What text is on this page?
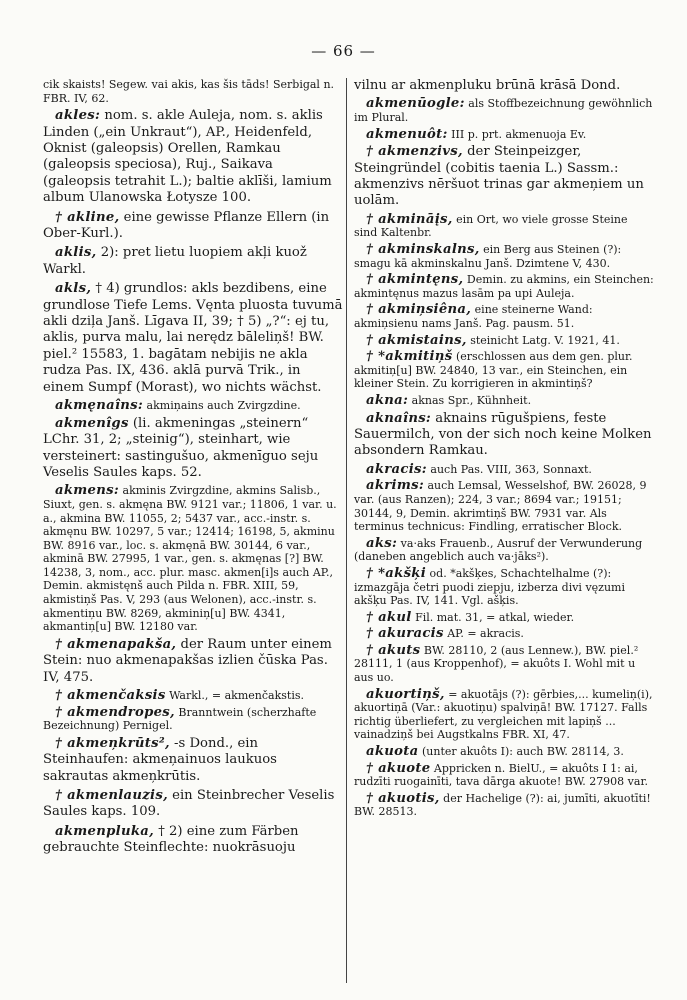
— 66 —
cik skaists! Segew. vai akis, kas šis tāds! Serbigal n. FBR. IV, 62.
akles: nom. s. akle Auleja, nom. s. aklis Linden („ein Unkraut“), AP., Heidenfeld, Oknist (galeopsis) Orellen, Ramkau (galeopsis speciosa), Ruj., Saikava (galeopsis tetrahit L.); baltie aklīši, lamium album Ulanowska Łotysze 100.
† akline, eine gewisse Pflanze Ellern (in Ober-Kurl.).
aklis, 2): pret lietu luopiem akļi kuož Warkl.
akls, † 4) grundlos: akls bezdibens, eine grundlose Tiefe Lems. Vęnta pluosta tuvumā akli dziļa Janš. Līgava II, 39; † 5) „?“: ej tu, aklis, purva malu, lai nerędz bāleliņš! BW. piel.² 15583, 1. bagātam nebijis ne akla rudza Pas. IX, 436. aklā purvā Trik., in einem Sumpf (Morast), wo nichts wächst.
akmęnaîns: akmiņains auch Zvirgzdine.
akmenîgs (li. akmeningas „steinern“ LChr. 31, 2; „steinig“), steinhart, wie versteinert: sastingušuo, akmenīguo seju Veselis Saules kaps. 52.
akmens: akminis Zvirgzdine, akmins Salisb., Siuxt, gen. s. akmęna BW. 9121 var.; 11806, 1 var. u. a., akmina BW. 11055, 2; 5437 var., acc.-instr. s. akmęnu BW. 10297, 5 var.; 12414; 16198, 5, akminu BW. 8916 var., loc. s. akmęnā BW. 30144, 6 var., akminā BW. 27995, 1 var., gen. s. akmęnas [?] BW. 14238, 3, nom., acc. plur. masc. akmen[i]s auch AP., Demin. akmistęnš auch Pilda n. FBR. XIII, 59, akmistiņš Pas. V, 293 (aus Welonen), acc.-instr. s. akmentiņu BW. 8269, akminiņ[u] BW. 4341, akmantiņ[u] BW. 12180 var.
† akmenapakša, der Raum unter einem Stein: nuo akmenapakšas izlien čūska Pas. IV, 475.
† akmenčaksis Warkl., = akmenčakstis.
† akmendropes, Branntwein (scherzhafte Bezeichnung) Pernigel.
† akmeņkrūts², -s Dond., ein Steinhaufen: akmeņainuos laukuos sakrautas akmeņkrūtis.
† akmenlauzis, ein Steinbrecher Veselis Saules kaps. 109.
akmenpluka, † 2) eine zum Färben gebrauchte Steinflechte: nuokrāsuoju
vilnu ar akmenpluku brūnā krāsā Dond.
akmenūogle: als Stoffbezeichnung gewöhnlich im Plural.
akmenuôt: III p. prt. akmenuoja Ev.
† akmenzivs, der Steinpeizger, Steingründel (cobitis taenia L.) Sassm.: akmenzivs nēršuot trinas gar akmeņiem un uolām.
† akmināįs, ein Ort, wo viele grosse Steine sind Kaltenbr.
† akminskalns, ein Berg aus Steinen (?): smagu kā akminskalnu Janš. Dzimtene V, 430.
† akmintęns, Demin. zu akmins, ein Steinchen: akmintęnus mazus lasām pa upi Auleja.
† akmiņsiêna, eine steinerne Wand: akmiņsienu nams Janš. Pag. pausm. 51.
† akmistains, steinicht Latg. V. 1921, 41.
† *akmitiņš (erschlossen aus dem gen. plur. akmitiņ[u] BW. 24840, 13 var., ein Steinchen, ein kleiner Stein. Zu korrigieren in akmintiņš?
akna: aknas Spr., Kühnheit.
aknaîns: aknains rūgušpiens, feste Sauermilch, von der sich noch keine Molken absondern Ramkau.
akracis: auch Pas. VIII, 363, Sonnaxt.
akrims: auch Lemsal, Wesselshof, BW. 26028, 9 var. (aus Ranzen); 224, 3 var.; 8694 var.; 19151; 30144, 9, Demin. akrimtiņš BW. 7931 var. Als terminus technicus: Findling, erratischer Block.
aks: va·aks Frauenb., Ausruf der Verwunderung (daneben angeblich auch va·jāks²).
† *akšķi od. *akšķes, Schachtelhalme (?): izmazgāja četri puodi ziepju, izberza divi vęzumi akšķu Pas. IV, 141. Vgl. ašķis.
† akul Fil. mat. 31, = atkal, wieder.
† akuracis AP. = akracis.
† akuts BW. 28110, 2 (aus Lennew.), BW. piel.² 28111, 1 (aus Kroppenhof), = akuôts I. Wohl mit u aus uo.
akuortiņš, = akuotājs (?): gērbies,... kumeliņ(i), akuortiņā (Var.: akuotiņu) spalviņā! BW. 17127. Falls richtig überliefert, zu vergleichen mit lapiņš ... vainadziņš bei Augstkalns FBR. XI, 47.
akuota (unter akuôts I): auch BW. 28114, 3.
† akuote Appricken n. BielU., = akuôts I 1: ai, rudzīti ruogainīti, tava dārga akuote! BW. 27908 var.
† akuotis, der Hachelige (?): ai, jumīti, akuotīti! BW. 28513.
